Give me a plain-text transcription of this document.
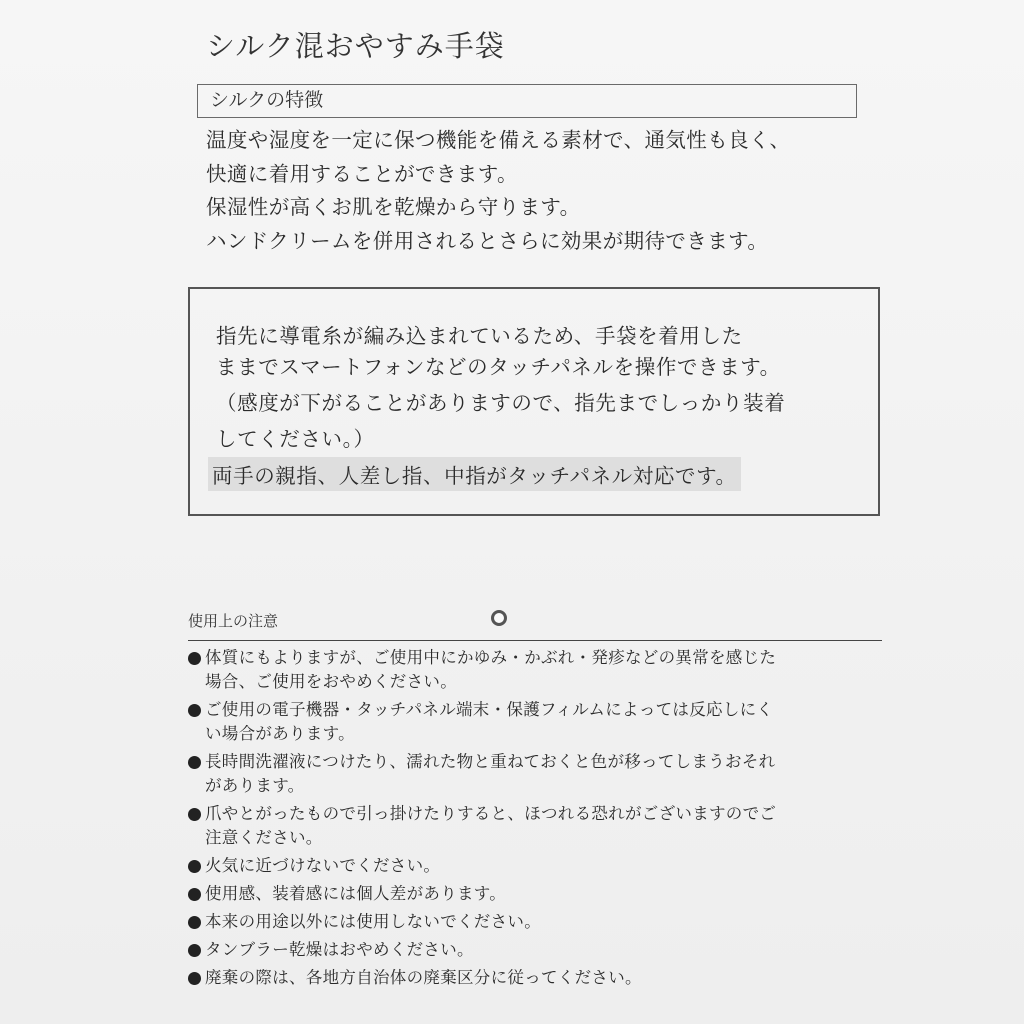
シルク混おやすみ手袋
シルクの特徴
温度や湿度を一定に保つ機能を備える素材で、通気性も良く、
快適に着用することができます。
保湿性が高くお肌を乾燥から守ります。
ハンドクリームを併用されるとさらに効果が期待できます。
指先に導電糸が編み込まれているため、手袋を着用した
ままでスマートフォンなどのタッチパネルを操作できます。
（感度が下がることがありますので、指先までしっかり装着
してください。）
両手の親指、人差し指、中指がタッチパネル対応です。
使用上の注意
体質にもよりますが、ご使用中にかゆみ・かぶれ・発疹などの異常を感じた
場合、ご使用をおやめください。
ご使用の電子機器・タッチパネル端末・保護フィルムによっては反応しにく
い場合があります。
長時間洗濯液につけたり、濡れた物と重ねておくと色が移ってしまうおそれ
があります。
爪やとがったもので引っ掛けたりすると、ほつれる恐れがございますのでご
注意ください。
火気に近づけないでください。
使用感、装着感には個人差があります。
本来の用途以外には使用しないでください。
タンブラー乾燥はおやめください。
廃棄の際は、各地方自治体の廃棄区分に従ってください。
